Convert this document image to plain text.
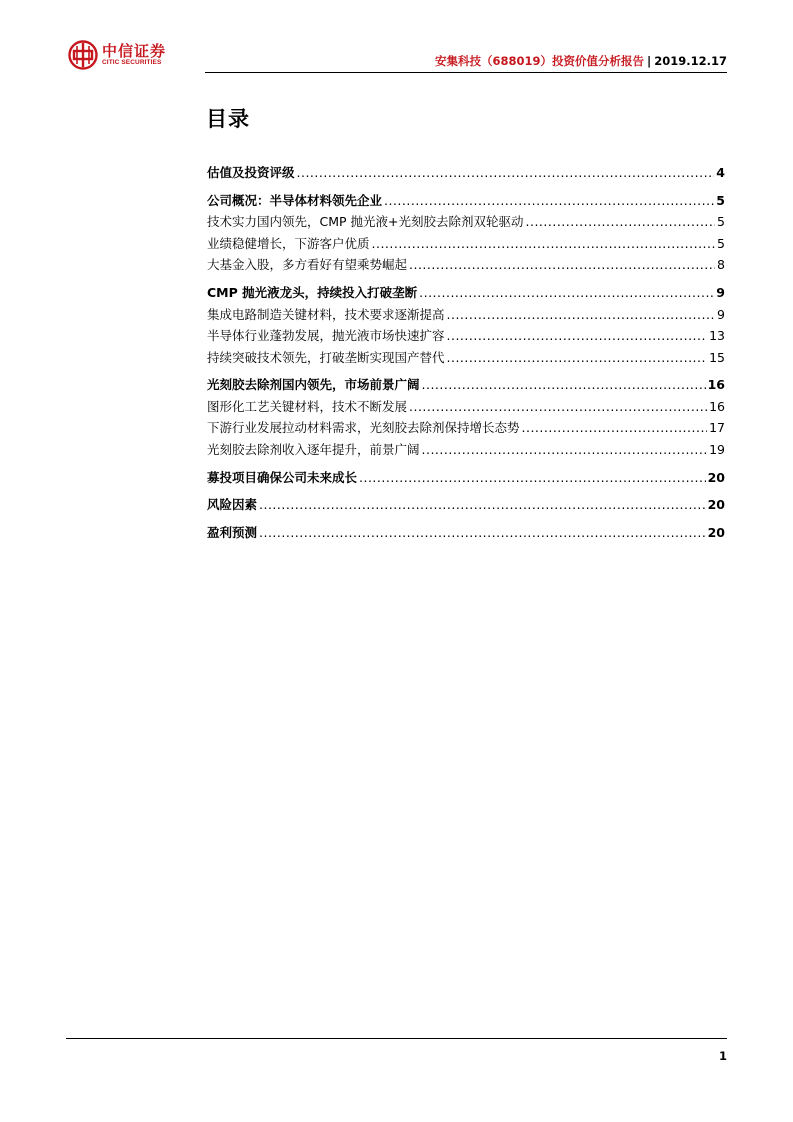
中信证券
CITIC SECURITIES	安集科技（688019）投资价值分析报告 | 2019.12.17
目录
估值及投资评级 .....	4
公司概况：半导体材料领先企业 .....	5
技术实力国内领先，CMP 抛光液+光刻胶去除剂双轮驱动 .....	5
业绩稳健增长，下游客户优质 .....	5
大基金入股，多方看好有望乘势崛起 .....	8
CMP 抛光液龙头，持续投入打破垄断 .....	9
集成电路制造关键材料，技术要求逐渐提高 .....	9
半导体行业蓬勃发展，抛光液市场快速扩容 .....	13
持续突破技术领先，打破垄断实现国产替代 .....	15
光刻胶去除剂国内领先，市场前景广阔 .....	16
图形化工艺关键材料，技术不断发展 .....	16
下游行业发展拉动材料需求，光刻胶去除剂保持增长态势 .....	17
光刻胶去除剂收入逐年提升，前景广阔 .....	19
募投项目确保公司未来成长 .....	20
风险因素 .....	20
盈利预测 .....	20
1
